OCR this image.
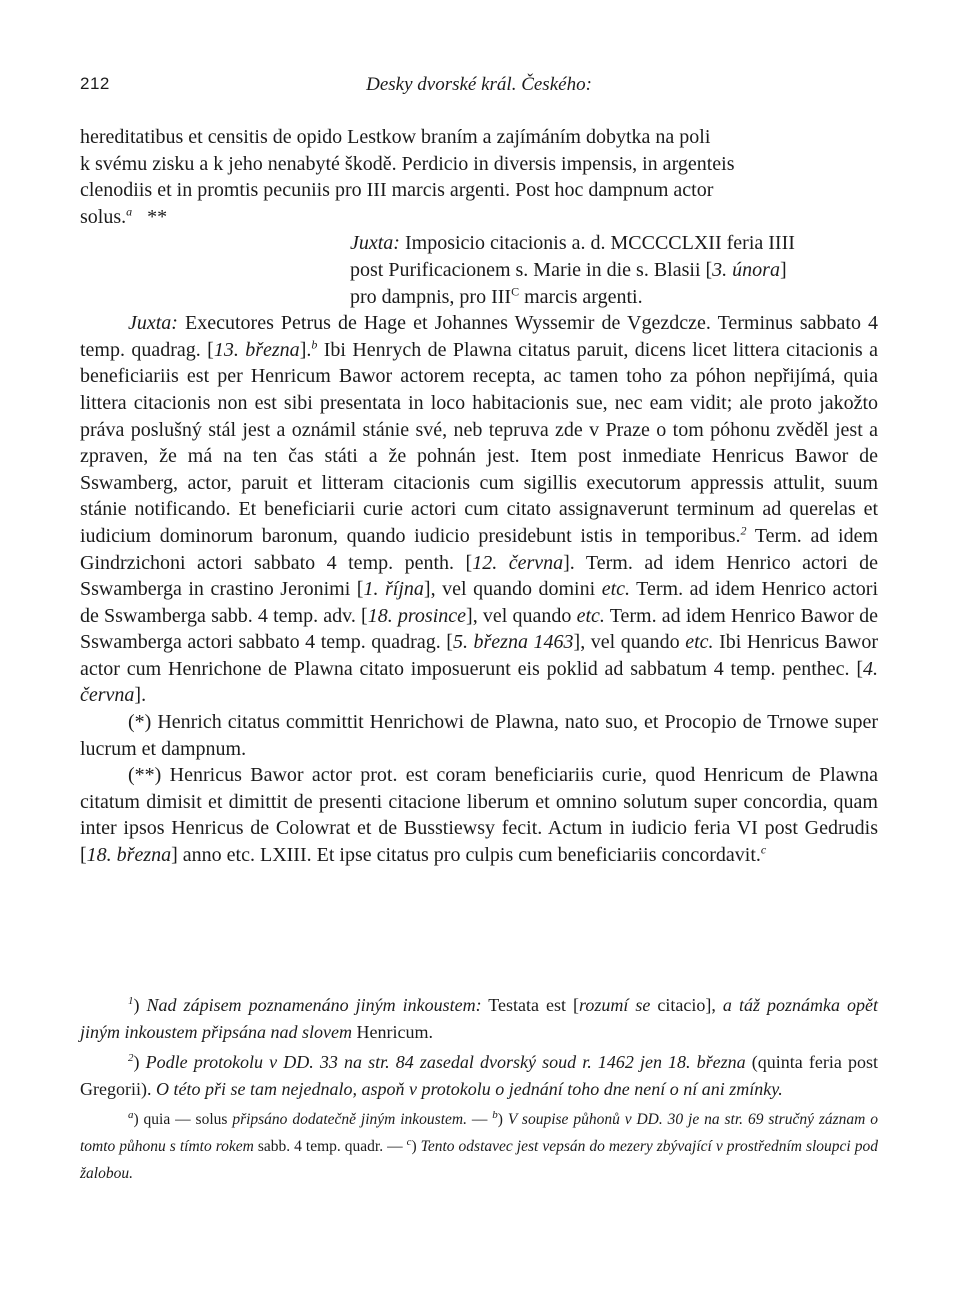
212	Desky dvorské král. Českého:

hereditatibus et censitis de opido Lestkow braním a zajímáním dobytka na poli

k svému zisku a k jeho nenabyté škodě. Perdicio in diversis impensis, in argenteis

clenodiis et in promtis pecuniis pro III marcis argenti. Post hoc dampnum actor

solus.$^a$ **

Juxta: Imposicio citacionis a. d. MCCCCLXII feria IIII

post Purificacionem s. Marie in die s. Blasii [3. února]

pro dampnis, pro $III^C$ marcis argenti.

Juxta: Executores Petrus de Hage et Johannes Wyssemir de Vgezdcze. Terminus sabbato 4 temp. quadrag. [13. března].$^b$ Ibi Henrych de Plawna citatus paruit, dicens licet littera citacionis a beneficiariis est per Henricum Bawor actorem recepta, ac tamen toho za póhon nepřijímá, quia littera citacionis non est sibi presentata in loco habitacionis sue, nec eam vidit; ale proto jakožto práva poslušný stál jest a oznámil stánie své, neb tepruva zde v Praze o tom póhonu zvěděl jest a zpraven, že má na ten čas státi a že pohnán jest. Item post inmediate Henricus Bawor de Sswamberg, actor, paruit et litteram citacionis cum sigillis executorum appressis attulit, suum stánie notificando. Et beneficiarii curie actori cum citato assignaverunt terminum ad querelas et iudicium dominorum baronum, quando iudicio presidebunt istis in temporibus.$^2$ Term. ad idem Gindrzichoni actori sabbato 4 temp. penth. [12. června]. Term. ad idem Henrico actori de Sswamberga in crastino Jeronimi [1. října], vel quando domini etc. Term. ad idem Henrico actori de Sswamberga sabb. 4 temp. adv. [18. prosince], vel quando etc. Term. ad idem Henrico Bawor de Sswamberga actori sabbato 4 temp. quadrag. [5. března 1463], vel quando etc. Ibi Henricus Bawor actor cum Henrichone de Plawna citato imposuerunt eis poklid ad sabbatum 4 temp. penthec. [4. června].

(*) Henrich citatus committit Henrichowi de Plawna, nato suo, et Procopio de Trnowe super lucrum et dampnum.

(**) Henricus Bawor actor prot. est coram beneficiariis curie, quod Henricum de Plawna citatum dimisit et dimittit de presenti citacione liberum et omnino solutum super concordia, quam inter ipsos Henricus de Colowrat et de Busstiewsy fecit. Actum in iudicio feria VI post Gedrudis [18. března] anno etc. LXIII. Et ipse citatus pro culpis cum beneficiariis concordavit.$^c$

$^1$) Nad zápisem poznamenáno jiným inkoustem: Testata est [rozumí se citacio], a táž poznámka opět jiným inkoustem připsána nad slovem Henricum.

$^2$) Podle protokolu v DD. 33 na str. 84 zasedal dvorský soud r. 1462 jen 18. března (quinta feria post Gregorii). O této při se tam nejednalo, aspoň v protokolu o jednání toho dne není o ní ani zmínky.

$^a$) quia — solus připsáno dodatečně jiným inkoustem. — $^b$) V soupise půhonů v DD. 30 je na str. 69 stručný záznam o tomto půhonu s tímto rokem sabb. 4 temp. quadr. — $^c$) Tento odstavec jest vepsán do mezery zbývající v prostředním sloupci pod žalobou.
